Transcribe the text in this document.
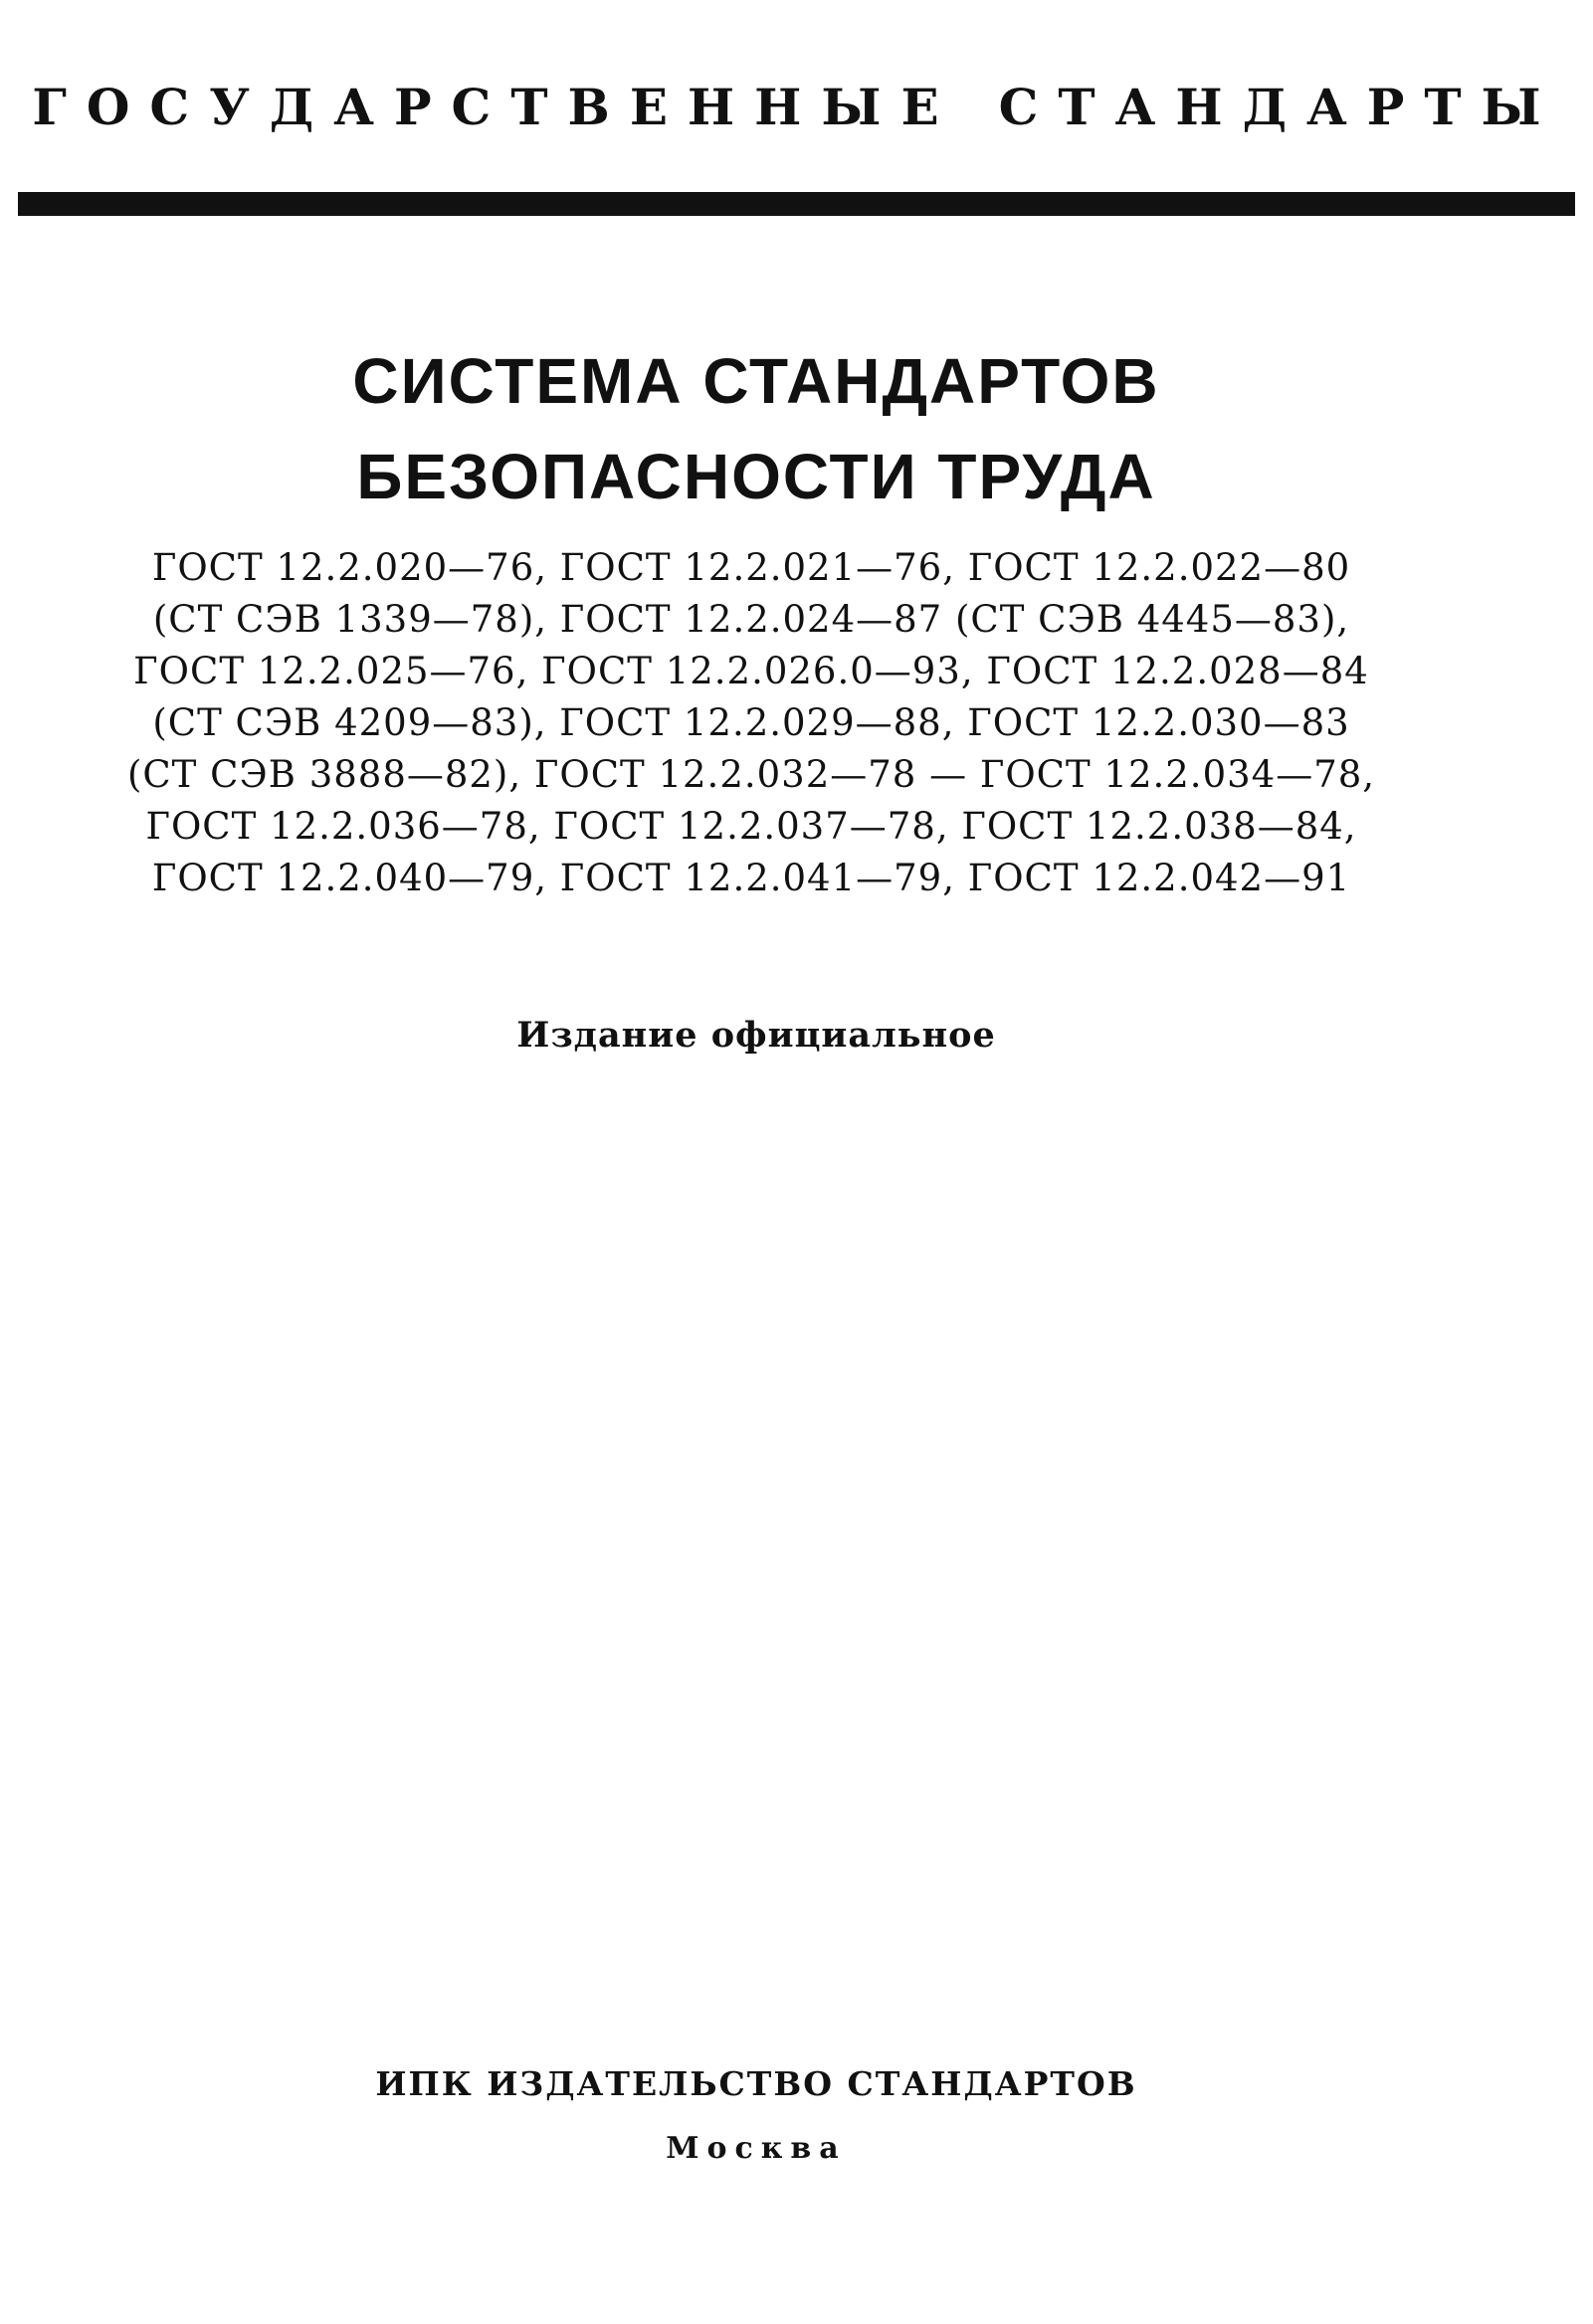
ГОСУДАРСТВЕННЫЕ СТАНДАРТЫ
СИСТЕМА СТАНДАРТОВ
БЕЗОПАСНОСТИ ТРУДА
ГОСТ 12.2.020—76, ГОСТ 12.2.021—76, ГОСТ 12.2.022—80
(СТ СЭВ 1339—78), ГОСТ 12.2.024—87 (СТ СЭВ 4445—83),
ГОСТ 12.2.025—76, ГОСТ 12.2.026.0—93, ГОСТ 12.2.028—84
(СТ СЭВ 4209—83), ГОСТ 12.2.029—88, ГОСТ 12.2.030—83
(СТ СЭВ 3888—82), ГОСТ 12.2.032—78 — ГОСТ 12.2.034—78,
ГОСТ 12.2.036—78, ГОСТ 12.2.037—78, ГОСТ 12.2.038—84,
ГОСТ 12.2.040—79, ГОСТ 12.2.041—79, ГОСТ 12.2.042—91
Издание официальное
ИПК ИЗДАТЕЛЬСТВО СТАНДАРТОВ
Москва
